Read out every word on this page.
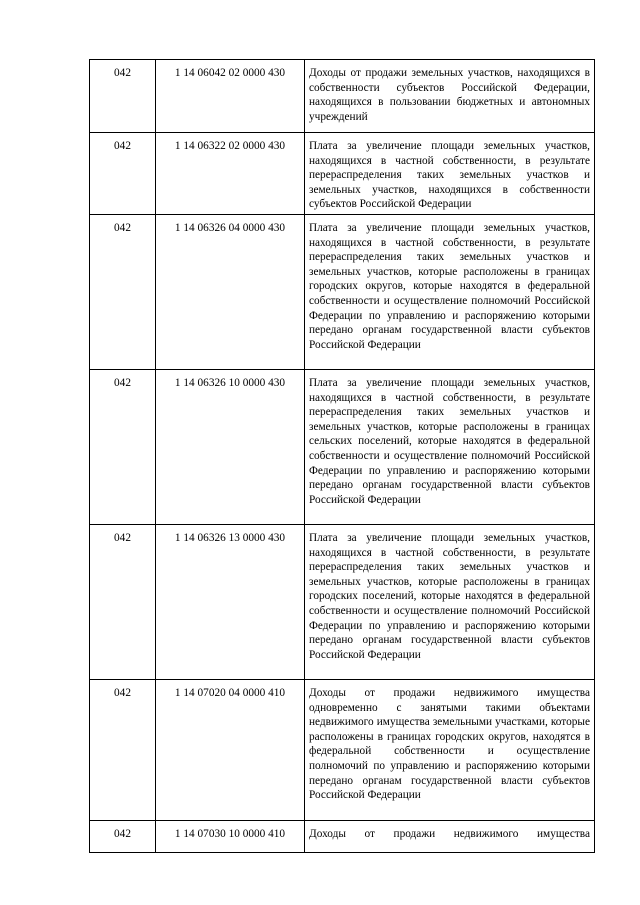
042	1 14 06042 02 0000 430	Доходы от продажи земельных участков, находящихся в собственности субъектов Российской Федерации, находящихся в пользовании бюджетных и автономных учреждений
042	1 14 06322 02 0000 430	Плата за увеличение площади земельных участков, находящихся в частной собственности, в результате перераспределения таких земельных участков и земельных участков, находящихся в собственности субъектов Российской Федерации
042	1 14 06326 04 0000 430	Плата за увеличение площади земельных участков, находящихся в частной собственности, в результате перераспределения таких земельных участков и земельных участков, которые расположены в границах городских округов, которые находятся в федеральной собственности и осуществление полномочий Российской Федерации по управлению и распоряжению которыми передано органам государственной власти субъектов Российской Федерации
042	1 14 06326 10 0000 430	Плата за увеличение площади земельных участков, находящихся в частной собственности, в результате перераспределения таких земельных участков и земельных участков, которые расположены в границах сельских поселений, которые находятся в федеральной собственности и осуществление полномочий Российской Федерации по управлению и распоряжению которыми передано органам государственной власти субъектов Российской Федерации
042	1 14 06326 13 0000 430	Плата за увеличение площади земельных участков, находящихся в частной собственности, в результате перераспределения таких земельных участков и земельных участков, которые расположены в границах городских поселений, которые находятся в федеральной собственности и осуществление полномочий Российской Федерации по управлению и распоряжению которыми передано органам государственной власти субъектов Российской Федерации
042	1 14 07020 04 0000 410	Доходы от продажи недвижимого имущества одновременно с занятыми такими объектами недвижимого имущества земельными участками, которые расположены в границах городских округов, находятся в федеральной собственности и осуществление полномочий по управлению и распоряжению которыми передано органам государственной власти субъектов Российской Федерации
042	1 14 07030 10 0000 410	Доходы от продажи недвижимого имущества
